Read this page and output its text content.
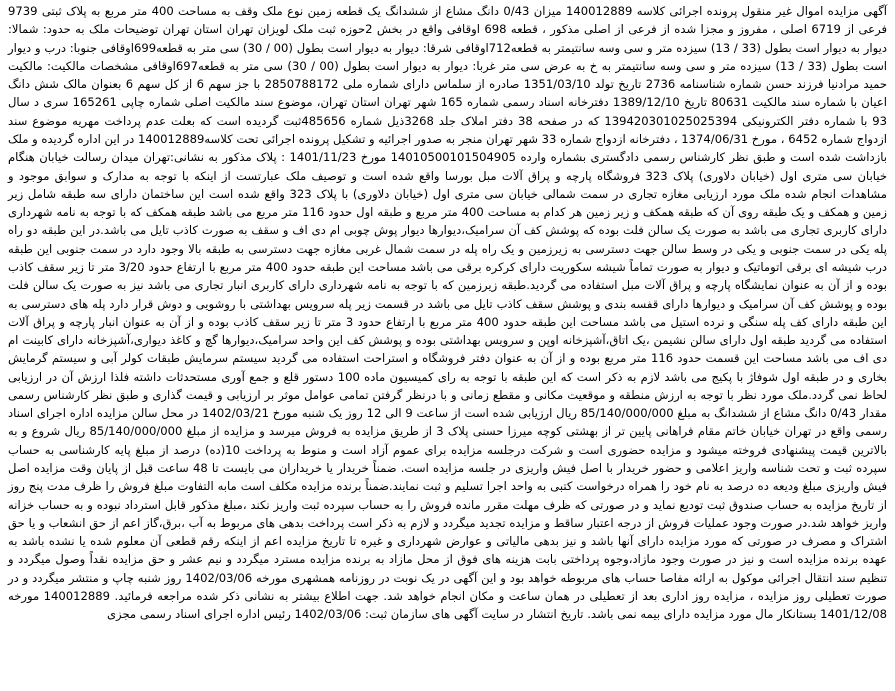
آگهی مزایده اموال غیر منقول پرونده اجرائی کلاسه 140012889 میزان 0/43 دانگ مشاع از ششدانگ یک قطعه زمین نوع ملک وقف به مساحت 400 متر مربع به پلاک ثبتی 9739 فرعی از 6719 اصلی ، مفروز و مجزا شده از فرعی از اصلی مذکور ، قطعه 698 اوقافی واقع در بخش 2حوزه ثبت ملک لویزان تهران استان تهران توضیحات ملک به حدود: شمالا: دیوار به دیوار است بطول (33 / 13) سیزده متر و سی وسه سانتیمتر به قطعه712اوقافی شرقا: دیوار به دیوار است بطول (00 / 30) سی متر به قطعه699اوقافی جنوبا: درب و دیوار است بطول (33 / 13) سیزده متر و سی وسه سانتیمتر به خ به عرض سی متر غربا: دیوار به دیوار است بطول (00 / 30) سی متر به قطعه697اوقافی مشخصات مالکیت: مالکیت حمید مرادنیا فرزند حسن شماره شناسنامه 2736 تاریخ تولد 1351/03/10 صادره از سلماس دارای شماره ملی 2850788172 با جز سهم 6 از کل سهم 6 بعنوان مالک شش دانگ اعیان با شماره سند مالکیت 80631 تاریخ 1389/12/10 دفترخانه اسناد رسمی شماره 165 شهر تهران استان تهران، موضوع سند مالکیت اصلی شماره چاپی 165261 سری د سال 93 با شماره دفتر الکترونیکی 139420301025025394 که در صفحه 38 دفتر املاک جلد 3268ذیل شماره 485656ثبت گردیده است که بعلت عدم پرداخت مهریه موضوع سند ازدواج شماره 6452 ، مورخ 1374/06/31 ، دفترخانه ازدواج شماره 33 شهر تهران منجر به صدور اجرائیه و تشکیل پرونده اجرائی تحت کلاسه140012889 در این اداره گردیده و ملک بازداشت شده است و طبق نظر کارشناس رسمی دادگستری بشماره وارده 14010500101504905 مورخ 1401/11/23 : پلاک مذکور به نشانی:تهران میدان رسالت خیابان هنگام خیابان سی متری اول (خیابان دلاوری) پلاک 323 فروشگاه پارچه و پراق آلات مبل بورسا واقع شده است و توصیف ملک عبارتست از اینکه با توجه به مدارک و سوابق موجود و مشاهدات انجام شده ملک مورد ارزیابی مغازه تجاری در سمت شمالی خیابان سی متری اول (خیابان دلاوری) با پلاک 323 واقع شده است این ساختمان دارای سه طبقه شامل زیر زمین و همکف و یک طبقه روی آن که طبقه همکف و زیر زمین هر کدام به مساحت 400 متر مربع و طبقه اول حدود 116 متر مربع می باشد طبقه همکف که با توجه به نامه شهرداری دارای کاربری تجاری می باشد به صورت یک سالن فلت بوده که پوشش کف آن سرامیک،دیوارها دیوار پوش چوبی ام دی اف و سقف به صورت کاذب تایل می باشد.در این طبقه دو راه پله یکی در سمت جنوبی و یکی در وسط سالن جهت دسترسی به زیرزمین و یک راه پله در سمت شمال غربی مغازه جهت دسترسی به طبقه بالا وجود دارد در سمت جنوبی این طبقه درب شیشه ای برقی اتوماتیک و دیوار به صورت تماماً شیشه سکوریت دارای کرکره برقی می باشد مساحت این طبقه حدود 400 متر مربع با ارتفاع حدود 3/20 متر تا زیر سقف کاذب بوده و از آن به عنوان نمایشگاه پارچه و پراق آلات مبل استفاده می گردید.طبقه زیرزمین که با توجه به نامه شهرداری دارای کاربری انبار تجاری می باشد نیز به صورت یک سالن فلت بوده و پوشش کف آن سرامیک و دیوارها دارای قفسه بندی و پوشش سقف کاذب تایل می باشد در قسمت زیر پله سرویس بهداشتی با روشویی و دوش قرار دارد پله های دسترسی به این طبقه دارای کف پله سنگی و نرده استیل می باشد مساحت این طبقه حدود 400 متر مربع با ارتفاع حدود 3 متر تا زیر سقف کاذب بوده و از آن به عنوان انبار پارچه و پراق آلات استفاده می گردید طبقه اول دارای سالن نشیمن ،یک اتاق،آشپزخانه اوپن و سرویس بهداشتی بوده و پوشش کف این واحد سرامیک،دیوارها گچ و کاغذ دیواری،آشپزخانه دارای کابینت ام دی اف می باشد مساحت این قسمت حدود 116 متر مربع بوده و از آن به عنوان دفتر فروشگاه و استراحت استفاده می گردید سیستم سرمایش طبقات کولر آبی و سیستم گرمایش بخاری و در طبقه اول شوفاژ با پکیج می باشد لازم به ذکر است که این طبقه با توجه به رای کمیسیون ماده 100 دستور قلع و جمع آوری مستحدثات داشته فلذا ارزش آن در ارزیابی لحاظ نمی گردد.ملک مورد نظر با توجه به ارزش منطقه و موقعیت مکانی و مقطع زمانی و با درنظر گرفتن تمامی عوامل موثر بر ارزیابی و قیمت گذاری و طبق نظر کارشناس رسمی مقدار 0/43 دانگ مشاع از ششدانگ به مبلغ 85/140/000/000 ریال ارزیابی شده است از ساعت 9 الی 12 روز یک شنبه مورخ 1402/03/21 در محل سالن مزایده اداره اجرای اسناد رسمی واقع در تهران خیابان خاتم مقام فراهانی پایین تر از بهشتی کوچه میرزا حسنی پلاک 3 از طریق مزایده به فروش میرسد و مزایده از مبلغ 85/140/000/000 ریال شروع و به بالاترین قیمت پیشنهادی فروخته میشود و مزایده حضوری است و شرکت درجلسه مزایده برای عموم آزاد است و منوط به پرداخت 10(ده) درصد از مبلغ پایه کارشناسی به حساب سپرده ثبت و تحت شناسه واریز اعلامی و حضور خریدار با اصل فیش واریزی در جلسه مزایده است. ضمناً خریدار یا خریداران می بایست تا 48 ساعت قبل از پایان وقت مزایده اصل فیش واریزی مبلغ ودیعه ده درصد به نام خود را همراه درخواست کتبی به واحد اجرا تسلیم و ثبت نمایند.ضمناً برنده مزایده مکلف است مابه التفاوت مبلغ فروش را ظرف مدت پنج روز از تاریخ مزایده به حساب صندوق ثبت تودیع نماید و در صورتی که ظرف مهلت مقرر مانده فروش را به حساب سپرده ثبت واریز نکند ،مبلغ مذکور قابل استرداد نبوده و به حساب خزانه واریز خواهد شد.در صورت وجود عملیات فروش از درجه اعتبار ساقط و مزایده تجدید میگردد و لازم به ذکر است پرداخت بدهی های مربوط به آب ،برق،گاز اعم از حق انشعاب و یا حق اشتراک و مصرف در صورتی که مورد مزایده دارای آنها باشد و نیز بدهی مالیاتی و عوارض شهرداری و غیره تا تاریخ مزایده اعم از اینکه رقم قطعی آن معلوم شده یا نشده باشد به عهده برنده مزایده است و نیز در صورت وجود مازاد،وجوه پرداختی بابت هزینه های فوق از محل مازاد به برنده مزایده مسترد میگردد و نیم عشر و حق مزایده نقداً وصول میگردد و تنظیم سند انتقال اجرائی موکول به ارائه مفاصا حساب های مربوطه خواهد بود و این آگهی در یک نوبت در روزنامه همشهری مورخه 1402/03/06 روز شنبه چاپ و منتشر میگردد و در صورت تعطیلی روز مزایده ، مزایده روز اداری بعد از تعطیلی در همان ساعت و مکان انجام خواهد شد. جهت اطلاع بیشتر به نشانی ذکر شده مراجعه فرمائید. 140012889 مورخه 1401/12/08 بستانکار مال مورد مزایده دارای بیمه نمی باشد. تاریخ انتشار در سایت آگهی های سازمان ثبت: 1402/03/06 رئیس اداره اجرای اسناد رسمی مجزی
